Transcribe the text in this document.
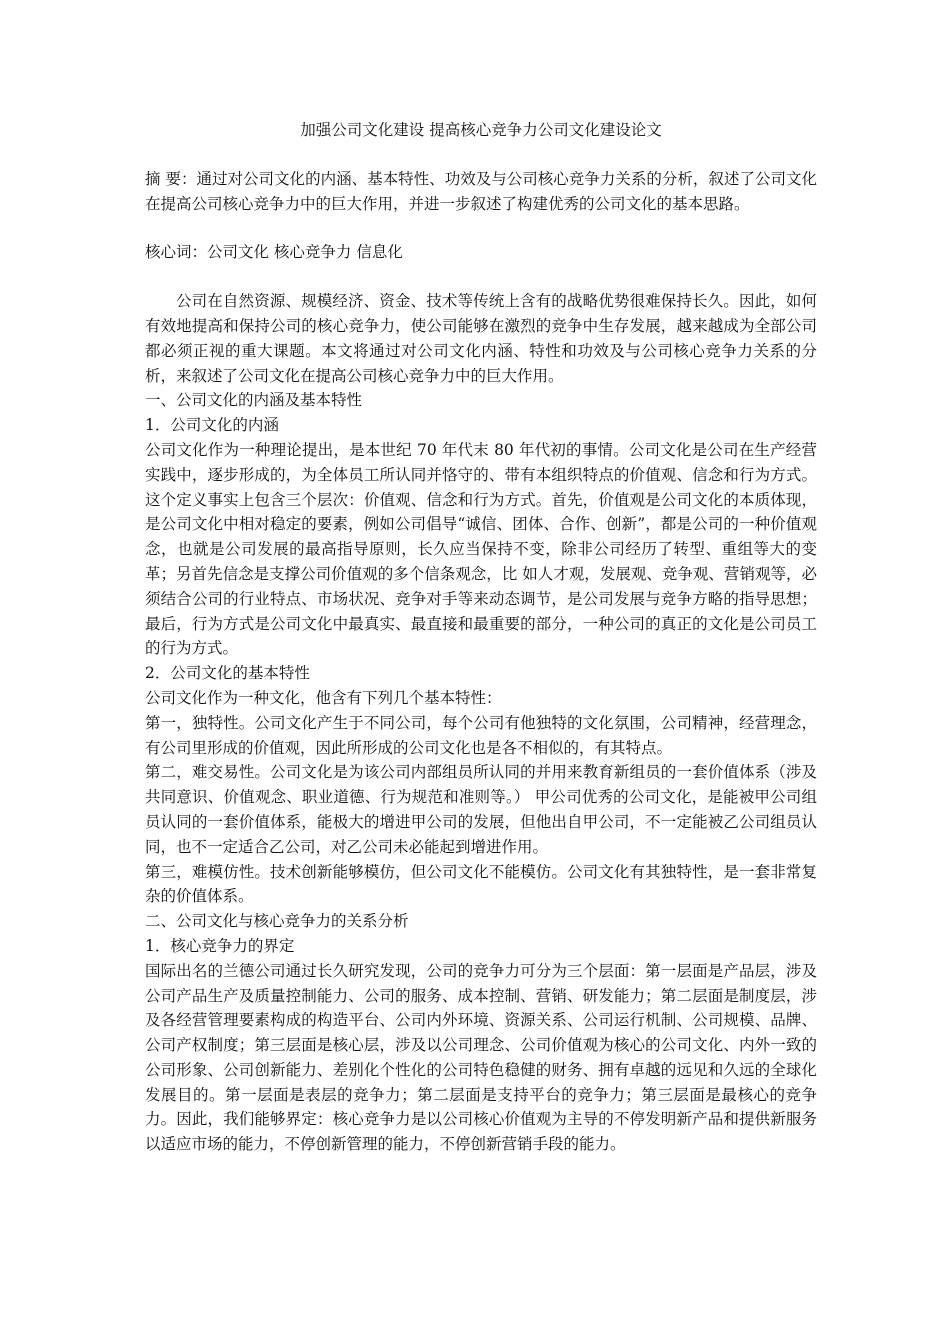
加强公司文化建设 提高核心竞争力公司文化建设论文

摘 要：通过对公司文化的内涵、基本特性、功效及与公司核心竞争力关系的分析，叙述了公司文化在提高公司核心竞争力中的巨大作用，并进一步叙述了构建优秀的公司文化的基本思路。

核心词：公司文化 核心竞争力 信息化

公司在自然资源、规模经济、资金、技术等传统上含有的战略优势很难保持长久。因此，如何有效地提高和保持公司的核心竞争力，使公司能够在激烈的竞争中生存发展，越来越成为全部公司都必须正视的重大课题。本文将通过对公司文化内涵、特性和功效及与公司核心竞争力关系的分析，来叙述了公司文化在提高公司核心竞争力中的巨大作用。

一、公司文化的内涵及基本特性

1．公司文化的内涵

公司文化作为一种理论提出，是本世纪 70 年代末 80 年代初的事情。公司文化是公司在生产经营实践中，逐步形成的，为全体员工所认同并恪守的、带有本组织特点的价值观、信念和行为方式。这个定义事实上包含三个层次：价值观、信念和行为方式。首先，价值观是公司文化的本质体现，是公司文化中相对稳定的要素，例如公司倡导“诚信、团体、合作、创新”，都是公司的一种价值观念，也就是公司发展的最高指导原则，长久应当保持不变，除非公司经历了转型、重组等大的变革；另首先信念是支撑公司价值观的多个信条观念，比 如人才观，发展观、竞争观、营销观等，必须结合公司的行业特点、市场状况、竞争对手等来动态调节，是公司发展与竞争方略的指导思想；最后，行为方式是公司文化中最真实、最直接和最重要的部分，一种公司的真正的文化是公司员工的行为方式。

2．公司文化的基本特性

公司文化作为一种文化，他含有下列几个基本特性：

第一，独特性。公司文化产生于不同公司，每个公司有他独特的文化氛围，公司精神，经营理念，有公司里形成的价值观，因此所形成的公司文化也是各不相似的，有其特点。

第二，难交易性。公司文化是为该公司内部组员所认同的并用来教育新组员的一套价值体系（涉及共同意识、价值观念、职业道德、行为规范和准则等。） 甲公司优秀的公司文化，是能被甲公司组员认同的一套价值体系，能极大的增进甲公司的发展，但他出自甲公司，不一定能被乙公司组员认同，也不一定适合乙公司，对乙公司未必能起到增进作用。

第三，难模仿性。技术创新能够模仿，但公司文化不能模仿。公司文化有其独特性，是一套非常复杂的价值体系。

二、公司文化与核心竞争力的关系分析

1．核心竞争力的界定

国际出名的兰德公司通过长久研究发现，公司的竞争力可分为三个层面：第一层面是产品层，涉及公司产品生产及质量控制能力、公司的服务、成本控制、营销、研发能力；第二层面是制度层，涉及各经营管理要素构成的构造平台、公司内外环境、资源关系、公司运行机制、公司规模、品牌、公司产权制度；第三层面是核心层，涉及以公司理念、公司价值观为核心的公司文化、内外一致的公司形象、公司创新能力、差别化个性化的公司特色稳健的财务、拥有卓越的远见和久远的全球化发展目的。第一层面是表层的竞争力；第二层面是支持平台的竞争力；第三层面是最核心的竞争力。因此，我们能够界定：核心竞争力是以公司核心价值观为主导的不停发明新产品和提供新服务以适应市场的能力，不停创新管理的能力，不停创新营销手段的能力。
